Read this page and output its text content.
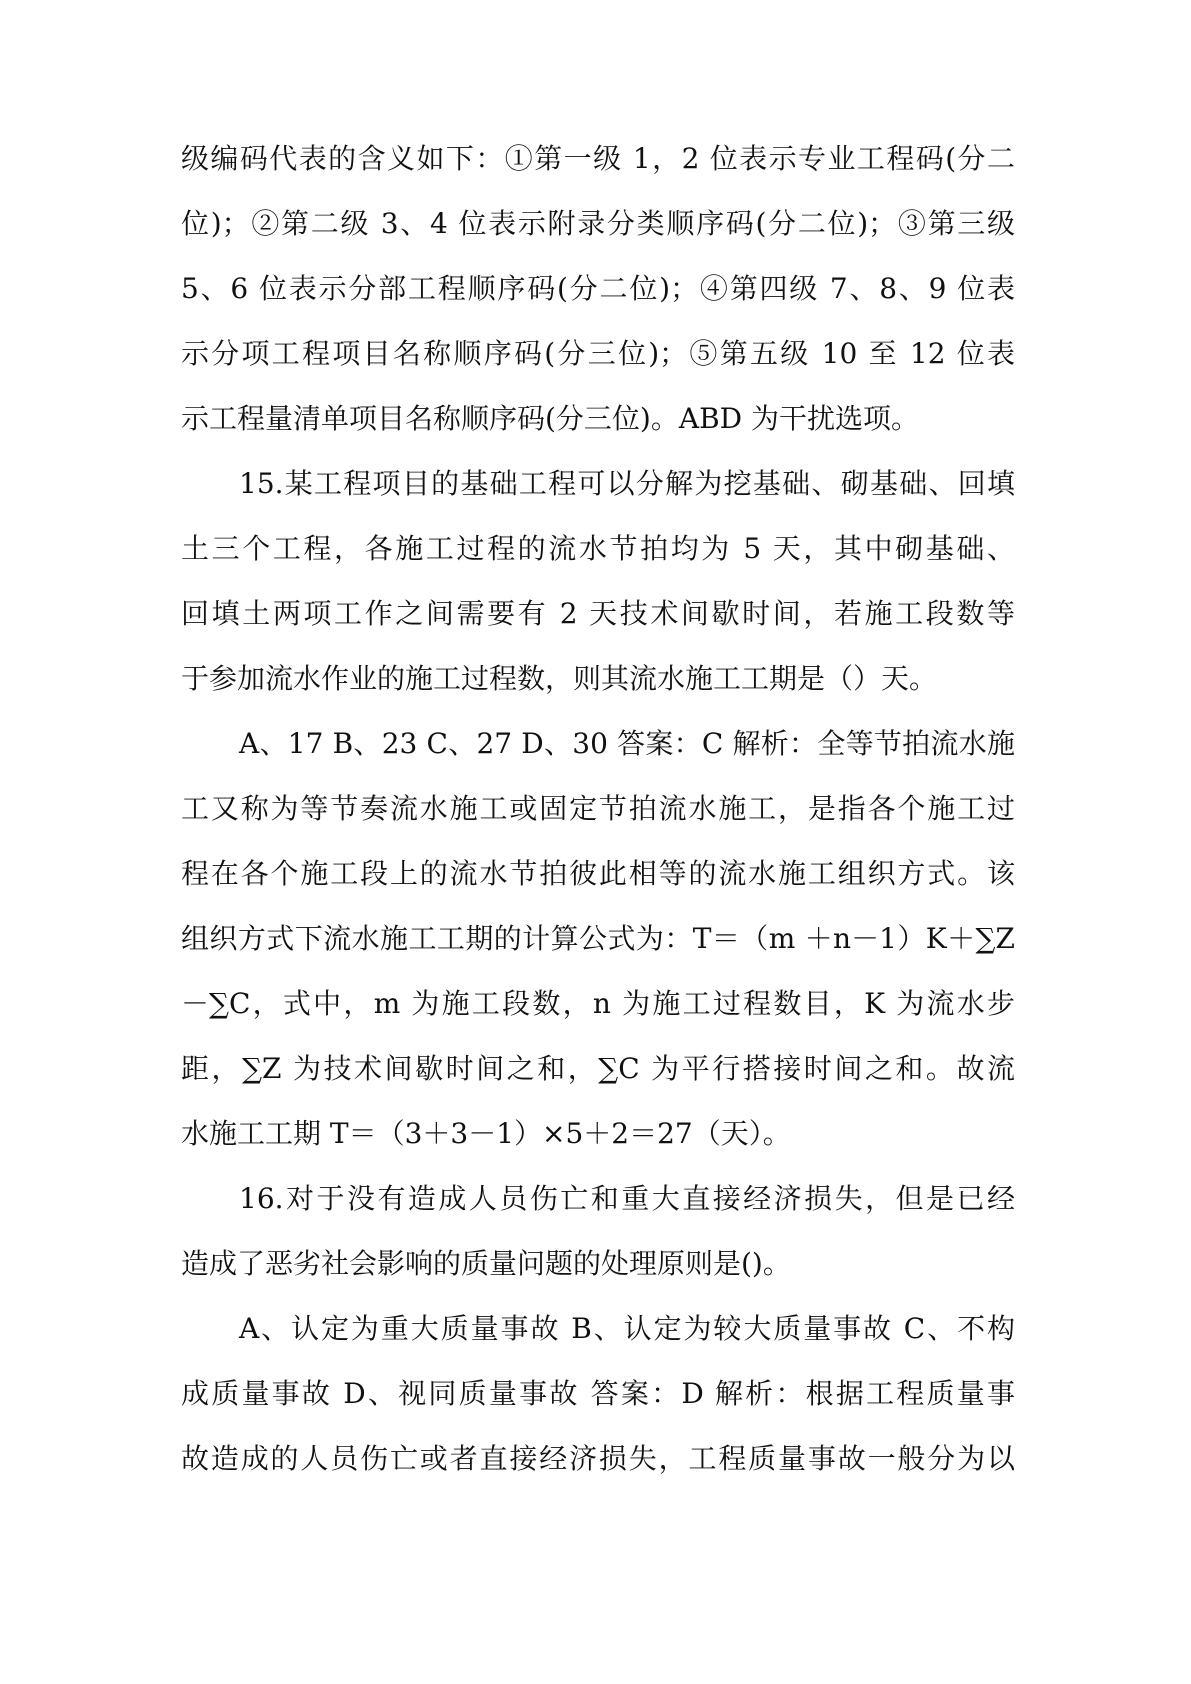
级编码代表的含义如下：①第一级 1，2 位表示专业工程码(分二
位)；②第二级 3、4 位表示附录分类顺序码(分二位)；③第三级
5、6 位表示分部工程顺序码(分二位)；④第四级 7、8、9 位表
示分项工程项目名称顺序码(分三位)；⑤第五级 10 至 12 位表
示工程量清单项目名称顺序码(分三位)。ABD 为干扰选项。
15.某工程项目的基础工程可以分解为挖基础、砌基础、回填
土三个工程，各施工过程的流水节拍均为 5 天，其中砌基础、
回填土两项工作之间需要有 2 天技术间歇时间，若施工段数等
于参加流水作业的施工过程数，则其流水施工工期是（）天。
A、17 B、23 C、27 D、30 答案：C 解析：全等节拍流水施
工又称为等节奏流水施工或固定节拍流水施工，是指各个施工过
程在各个施工段上的流水节拍彼此相等的流水施工组织方式。该
组织方式下流水施工工期的计算公式为：T＝（m ＋n－1）K＋∑Z
－∑C，式中，m 为施工段数，n 为施工过程数目，K 为流水步
距，∑Z 为技术间歇时间之和，∑C 为平行搭接时间之和。故流
水施工工期 T＝（3＋3－1）×5＋2＝27（天）。
16.对于没有造成人员伤亡和重大直接经济损失，但是已经
造成了恶劣社会影响的质量问题的处理原则是()。
A、认定为重大质量事故 B、认定为较大质量事故 C、不构
成质量事故 D、视同质量事故 答案：D 解析：根据工程质量事
故造成的人员伤亡或者直接经济损失，工程质量事故一般分为以
